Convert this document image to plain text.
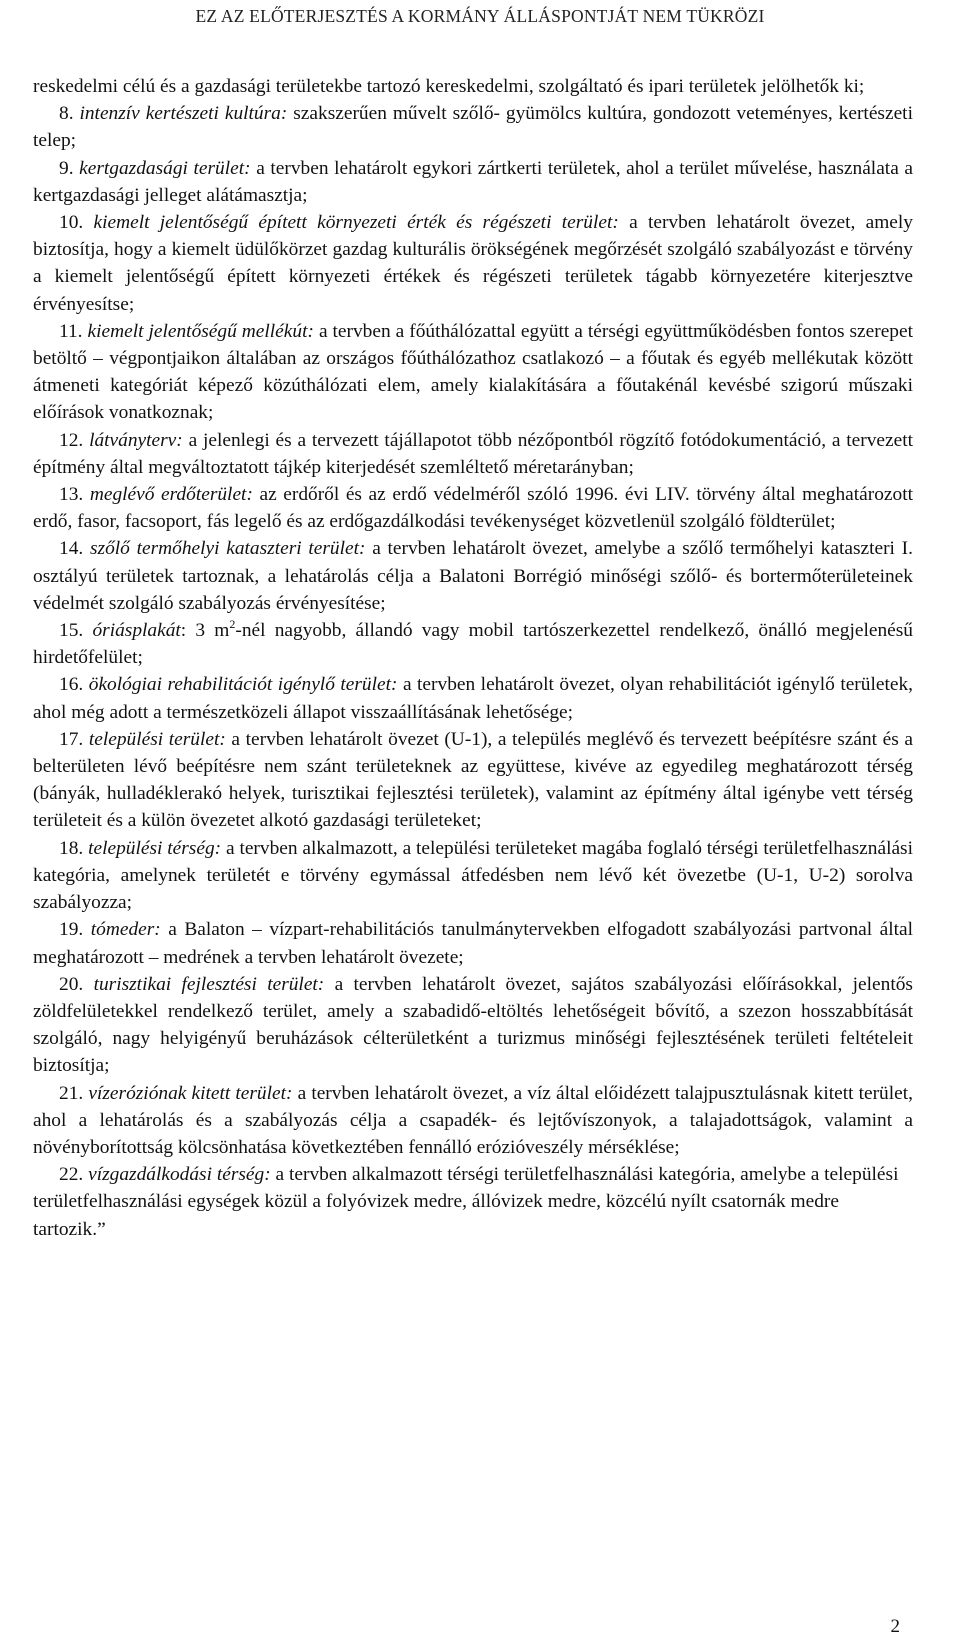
EZ AZ ELŐTERJESZTÉS A KORMÁNY ÁLLÁSPONTJÁT NEM TÜKRÖZI

reskedelmi célú és a gazdasági területekbe tartozó kereskedelmi, szolgáltató és ipari területek jelölhetők ki;

8. intenzív kertészeti kultúra: szakszerűen művelt szőlő- gyümölcs kultúra, gondozott veteményes, kertészeti telep;

9. kertgazdasági terület: a tervben lehatárolt egykori zártkerti területek, ahol a terület művelése, használata a kertgazdasági jelleget alátámasztja;

10. kiemelt jelentőségű épített környezeti érték és régészeti terület: a tervben lehatárolt övezet, amely biztosítja, hogy a kiemelt üdülőkörzet gazdag kulturális örökségének megőrzését szolgáló szabályozást e törvény a kiemelt jelentőségű épített környezeti értékek és régészeti területek tágabb környezetére kiterjesztve érvényesítse;

11. kiemelt jelentőségű mellékút: a tervben a főúthálózattal együtt a térségi együttműködésben fontos szerepet betöltő – végpontjaikon általában az országos főúthálózathoz csatlakozó – a főutak és egyéb mellékutak között átmeneti kategóriát képező közúthálózati elem, amely kialakítására a főutakénál kevésbé szigorú műszaki előírások vonatkoznak;

12. látványterv: a jelenlegi és a tervezett tájállapotot több nézőpontból rögzítő fotódokumentáció, a tervezett építmény által megváltoztatott tájkép kiterjedését szemléltető méretarányban;

13. meglévő erdőterület: az erdőről és az erdő védelméről szóló 1996. évi LIV. törvény által meghatározott erdő, fasor, facsoport, fás legelő és az erdőgazdálkodási tevékenységet közvetlenül szolgáló földterület;

14. szőlő termőhelyi kataszteri terület: a tervben lehatárolt övezet, amelybe a szőlő termőhelyi kataszteri I. osztályú területek tartoznak, a lehatárolás célja a Balatoni Borrégió minőségi szőlő- és bortermőterületeinek védelmét szolgáló szabályozás érvényesítése;

15. óriásplakát: 3 $m^2$-nél nagyobb, állandó vagy mobil tartószerkezettel rendelkező, önálló megjelenésű hirdetőfelület;

16. ökológiai rehabilitációt igénylő terület: a tervben lehatárolt övezet, olyan rehabilitációt igénylő területek, ahol még adott a természetközeli állapot visszaállításának lehetősége;

17. települési terület: a tervben lehatárolt övezet (U-1), a település meglévő és tervezett beépítésre szánt és a belterületen lévő beépítésre nem szánt területeknek az együttese, kivéve az egyedileg meghatározott térség (bányák, hulladéklerakó helyek, turisztikai fejlesztési területek), valamint az építmény által igénybe vett térség területeit és a külön övezetet alkotó gazdasági területeket;

18. települési térség: a tervben alkalmazott, a települési területeket magába foglaló térségi területfelhasználási kategória, amelynek területét e törvény egymással átfedésben nem lévő két övezetbe (U-1, U-2) sorolva szabályozza;

19. tómeder: a Balaton – vízpart-rehabilitációs tanulmánytervekben elfogadott szabályozási partvonal által meghatározott – medrének a tervben lehatárolt övezete;

20. turisztikai fejlesztési terület: a tervben lehatárolt övezet, sajátos szabályozási előírásokkal, jelentős zöldfelületekkel rendelkező terület, amely a szabadidő-eltöltés lehetőségeit bővítő, a szezon hosszabbítását szolgáló, nagy helyigényű beruházások célterületként a turizmus minőségi fejlesztésének területi feltételeit biztosítja;

21. vízeróziónak kitett terület: a tervben lehatárolt övezet, a víz által előidézett talajpusztulásnak kitett terület, ahol a lehatárolás és a szabályozás célja a csapadék- és lejtővíszonyok, a talajadottságok, valamint a növényborítottság kölcsönhatása következtében fennálló erózióveszély mérséklése;

22. vízgazdálkodási térség: a tervben alkalmazott térségi területfelhasználási kategória, amelybe a települési területfelhasználási egységek közül a folyóvizek medre, állóvizek medre, közcélú nyílt csatornák medre tartozik.”

2
